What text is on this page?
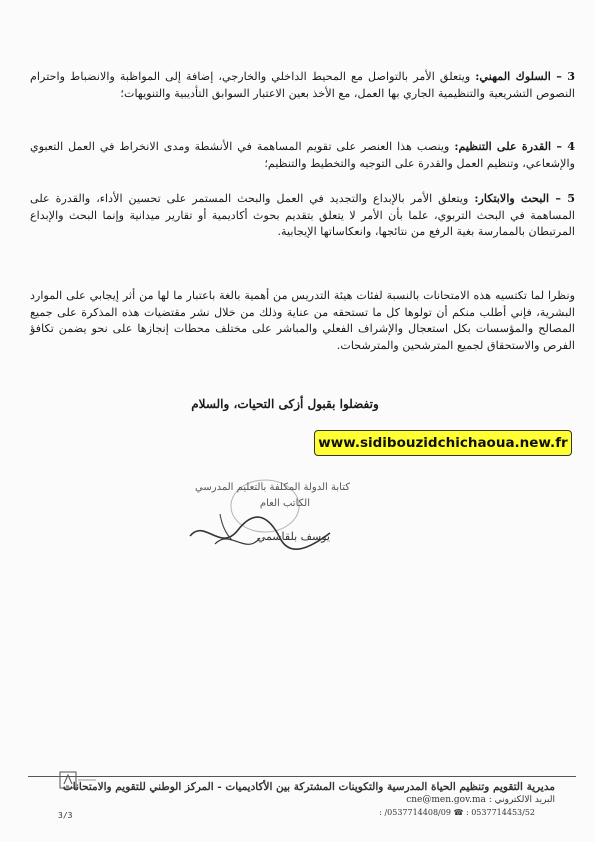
3 – السلوك المهني: ويتعلق الأمر بالتواصل مع المحيط الداخلي والخارجي، إضافة إلى المواظبة والانضباط واحترام النصوص التشريعية والتنظيمية الجاري بها العمل، مع الأخذ بعين الاعتبار السوابق التأديبية والتنويهات؛
4 – القدرة على التنظيم: وينصب هذا العنصر على تقويم المساهمة في الأنشطة ومدى الانخراط في العمل التعبوي والإشعاعي، وتنظيم العمل والقدرة على التوجيه والتخطيط والتنظيم؛
5 – البحث والابتكار: ويتعلق الأمر بالإبداع والتجديد في العمل والبحث المستمر على تحسين الأداء، والقدرة على المساهمة في البحث التربوي، علما بأن الأمر لا يتعلق بتقديم بحوث أكاديمية أو تقارير ميدانية وإنما البحث والإبداع المرتبطان بالممارسة بغية الرفع من نتائجها، وانعكاساتها الإيجابية.
ونظرا لما تكتسيه هذه الامتحانات بالنسبة لفئات هيئة التدريس من أهمية بالغة باعتبار ما لها من أثر إيجابي على الموارد البشرية، فإني أطلب منكم أن تولوها كل ما تستحقه من عناية وذلك من خلال نشر مقتضيات هذه المذكرة على جميع المصالح والمؤسسات بكل استعجال والإشراف الفعلي والمباشر على مختلف محطات إنجازها على نحو يضمن تكافؤ الفرص والاستحقاق لجميع المترشحين والمترشحات.
وتفضلوا بقبول أزكى التحيات، والسلام
www.sidibouzidchichaoua.new.fr
كتابة الدولة المكلفة بالتعليم المدرسي
الكاتب العام
يوسف بلقاسمي
مديرية التقويم وتنظيم الحياة المدرسية والتكوينات المشتركة بين الأكاديميات - المركز الوطني للتقويم والامتحانات
البريد الالكتروني : cne@men.gov.ma
0537714453/52 : ☎ 0537714408/09/ :
3/3
